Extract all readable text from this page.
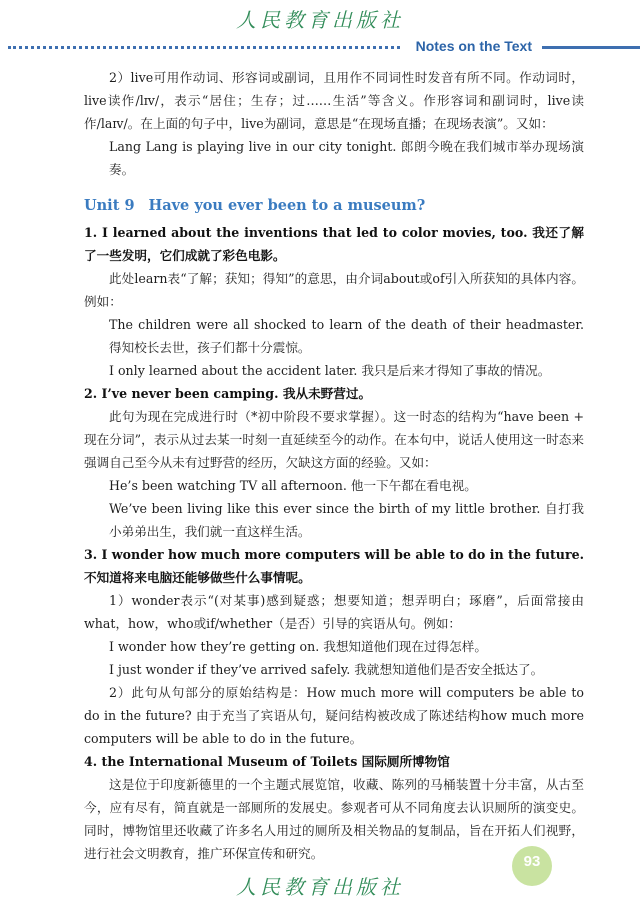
人民教育出版社
Notes on the Text

2）live可用作动词、形容词或副词，且用作不同词性时发音有所不同。作动词时，live读作/lɪv/，表示“居住；生存；过……生活”等含义。作形容词和副词时，live读作/laɪv/。在上面的句子中，live为副词，意思是“在现场直播；在现场表演”。又如：

Lang Lang is playing live in our city tonight. 郎朗今晚在我们城市举办现场演奏。

Unit 9 Have you ever been to a museum?

1. I learned about the inventions that led to color movies, too. 我还了解了一些发明，它们成就了彩色电影。

此处learn表“了解；获知；得知”的意思，由介词about或of引入所获知的具体内容。例如：

The children were all shocked to learn of the death of their headmaster. 得知校长去世，孩子们都十分震惊。

I only learned about the accident later. 我只是后来才得知了事故的情况。

2. I’ve never been camping. 我从未野营过。

此句为现在完成进行时（*初中阶段不要求掌握）。这一时态的结构为“have been + 现在分词”，表示从过去某一时刻一直延续至今的动作。在本句中，说话人使用这一时态来强调自己至今从未有过野营的经历，欠缺这方面的经验。又如：

He’s been watching TV all afternoon. 他一下午都在看电视。

We’ve been living like this ever since the birth of my little brother. 自打我小弟弟出生，我们就一直这样生活。

3. I wonder how much more computers will be able to do in the future. 不知道将来电脑还能够做些什么事情呢。

1）wonder表示“(对某事)感到疑惑；想要知道；想弄明白；琢磨”，后面常接由what，how，who或if/whether（是否）引导的宾语从句。例如：

I wonder how they’re getting on. 我想知道他们现在过得怎样。

I just wonder if they’ve arrived safely. 我就想知道他们是否安全抵达了。

2）此句从句部分的原始结构是：How much more will computers be able to do in the future? 由于充当了宾语从句，疑问结构被改成了陈述结构how much more computers will be able to do in the future。

4. the International Museum of Toilets 国际厕所博物馆

这是位于印度新德里的一个主题式展览馆，收藏、陈列的马桶装置十分丰富，从古至今，应有尽有，简直就是一部厕所的发展史。参观者可从不同角度去认识厕所的演变史。同时，博物馆里还收藏了许多名人用过的厕所及相关物品的复制品，旨在开拓人们视野，进行社会文明教育，推广环保宣传和研究。	93
人民教育出版社
